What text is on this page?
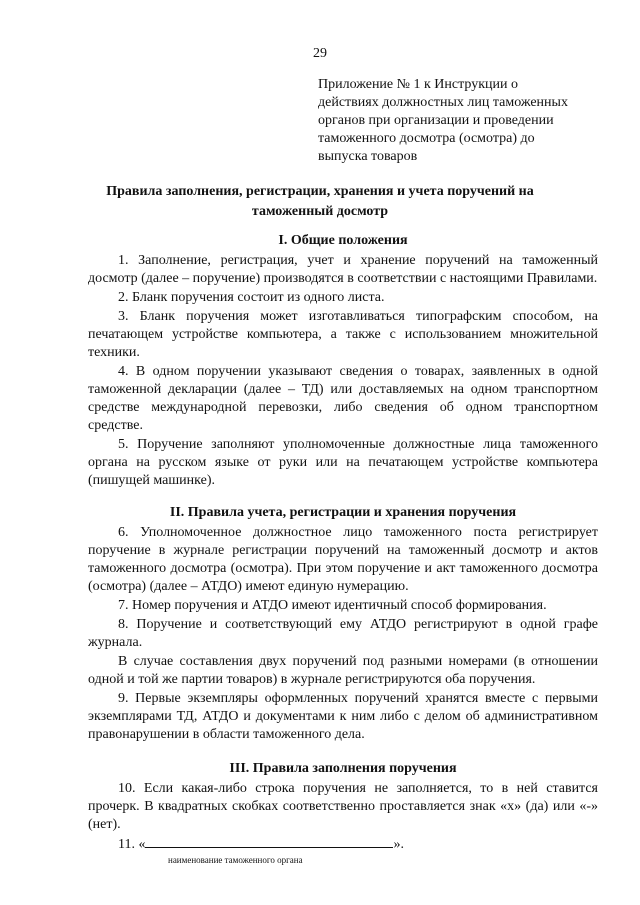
29
Приложение № 1 к Инструкции о
действиях должностных лиц таможенных
органов при организации и проведении
таможенного досмотра (осмотра) до
выпуска товаров
Правила заполнения, регистрации, хранения и учета поручений на таможенный досмотр
I. Общие положения

1. Заполнение, регистрация, учет и хранение поручений на таможенный досмотр (далее – поручение) производятся в соответствии с настоящими Правилами.

2. Бланк поручения состоит из одного листа.

3. Бланк поручения может изготавливаться типографским способом, на печатающем устройстве компьютера, а также с использованием множительной техники.

4. В одном поручении указывают сведения о товарах, заявленных в одной таможенной декларации (далее – ТД) или доставляемых на одном транспортном средстве международной перевозки, либо сведения об одном транспортном средстве.

5. Поручение заполняют уполномоченные должностные лица таможенного органа на русском языке от руки или на печатающем устройстве компьютера (пишущей машинке).

II. Правила учета, регистрации и хранения поручения

6. Уполномоченное должностное лицо таможенного поста регистрирует поручение в журнале регистрации поручений на таможенный досмотр и актов таможенного досмотра (осмотра). При этом поручение и акт таможенного досмотра (осмотра) (далее – АТДО) имеют единую нумерацию.

7. Номер поручения и АТДО имеют идентичный способ формирования.

8. Поручение и соответствующий ему АТДО регистрируют в одной графе журнала.

В случае составления двух поручений под разными номерами (в отношении одной и той же партии товаров) в журнале регистрируются оба поручения.

9. Первые экземпляры оформленных поручений хранятся вместе с первыми экземплярами ТД, АТДО и документами к ним либо с делом об административном правонарушении в области таможенного дела.

III. Правила заполнения поручения

10. Если какая-либо строка поручения не заполняется, то в ней ставится прочерк. В квадратных скобках соответственно проставляется знак «х» (да) или «-» (нет).

11. «	».
наименование таможенного органа
